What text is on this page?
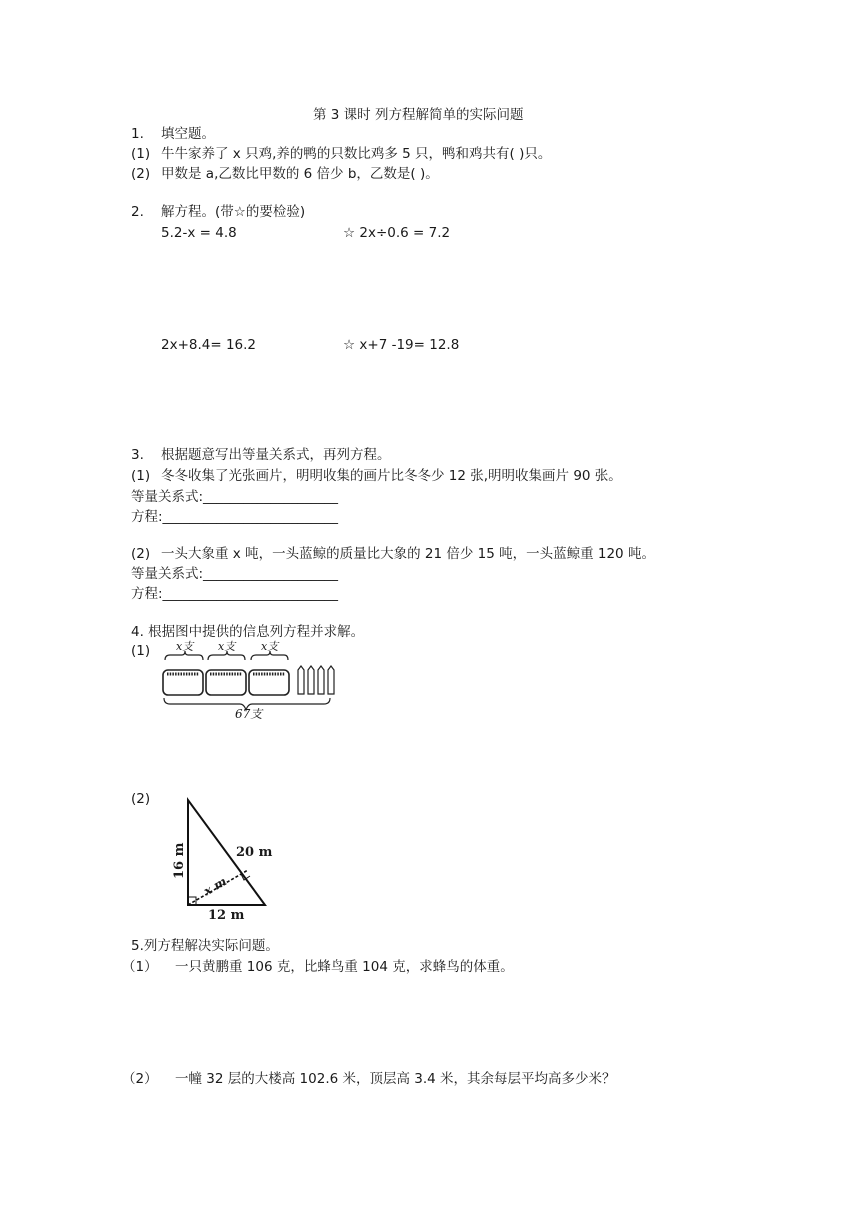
第 3 课时 列方程解简单的实际问题
1. 填空题。
(1) 牛牛家养了 x 只鸡,养的鸭的只数比鸡多 5 只，鸭和鸡共有( )只。
(2) 甲数是 a,乙数比甲数的 6 倍少 b，乙数是( )。
2. 解方程。(带☆的要检验)
5.2-x = 4.8	☆ 2x÷0.6 = 7.2
2x+8.4= 16.2	☆ x+7 -19= 12.8
3. 根据题意写出等量关系式，再列方程。
(1) 冬冬收集了光张画片，明明收集的画片比冬冬少 12 张,明明收集画片 90 张。
等量关系式:____________________
方程:__________________________
(2) 一头大象重 x 吨，一头蓝鲸的质量比大象的 21 倍少 15 吨，一头蓝鲸重 120 吨。
等量关系式:____________________
方程:__________________________
4. 根据图中提供的信息列方程并求解。
(1) x支 x支 x支
67支
(2)
16 m	20 m
x m
12 m
5.列方程解决实际问题。
（1） 一只黄鹏重 106 克，比蜂鸟重 104 克，求蜂鸟的体重。
（2） 一幢 32 层的大楼高 102.6 米，顶层高 3.4 米，其余每层平均高多少米？
